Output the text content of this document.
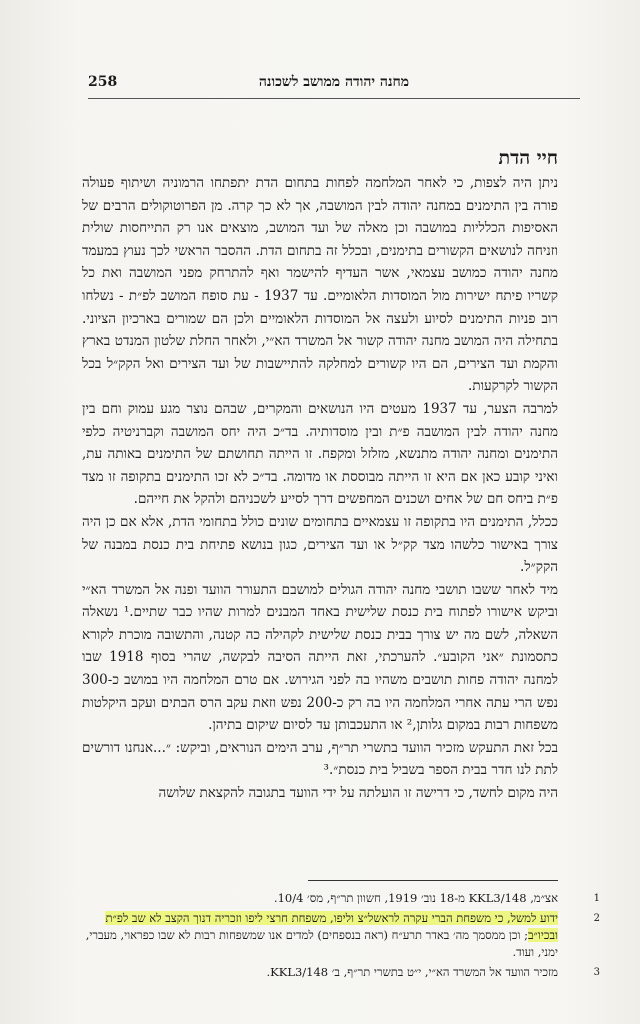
מחנה יהודה ממושב לשכונה
258
חיי הדת

ניתן היה לצפות, כי לאחר המלחמה לפחות בתחום הדת יתפתחו הרמוניה ושיתוף פעולה פורה בין התימנים במחנה יהודה לבין המושבה, אך לא כך קרה. מן הפרוטוקולים הרבים של האסיפות הכלליות במושבה וכן מאלה של ועד המושב, מוצאים אנו רק התייחסות שולית וזניחה לנושאים הקשורים בתימנים, ובכלל זה בתחום הדת. ההסבר הראשי לכך נעוץ במעמד מחנה יהודה כמושב עצמאי, אשר העדיף להישמר ואף להתרחק מפני המושבה ואת כל קשריו פיתח ישירות מול המוסדות הלאומיים. עד 1937 - עת סופח המושב לפ״ת - נשלחו רוב פניות התימנים לסיוע ולעצה אל המוסדות הלאומיים ולכן הם שמורים בארכיון הציוני. בתחילה היה המושב מחנה יהודה קשור אל המשרד הא״י, ולאחר החלת שלטון המנדט בארץ והקמת ועד הצירים, הם היו קשורים למחלקה להתיישבות של ועד הצירים ואל הקק״ל בכל הקשור לקרקעות.

למרבה הצער, עד 1937 מעטים היו הנושאים והמקרים, שבהם נוצר מגע עמוק וחם בין מחנה יהודה לבין המושבה פ״ת ובין מוסדותיה. בד״כ היה יחס המושבה וקברניטיה כלפי התימנים ומחנה יהודה מתנשא, מזלזל ומקפח. זו הייתה תחושתם של התימנים באותה עת, ואיני קובע כאן אם היא זו הייתה מבוססת או מדומה. בד״כ לא זכו התימנים בתקופה זו מצד פ״ת ביחס חם של אחים ושכנים המחפשים דרך לסייע לשכניהם ולהקל את חייהם.

ככלל, התימנים היו בתקופה זו עצמאיים בתחומים שונים כולל בתחומי הדת, אלא אם כן היה צורך באישור כלשהו מצד קק״ל או ועד הצירים, כגון בנושא פתיחת בית כנסת במבנה של הקק״ל.

מיד לאחר ששבו תושבי מחנה יהודה הגולים למושבם התעורר הוועד ופנה אל המשרד הא״י וביקש אישורו לפתוח בית כנסת שלישית באחד המבנים למרות שהיו כבר שתיים.¹ נשאלה השאלה, לשם מה יש צורך בבית כנסת שלישית לקהילה כה קטנה, והתשובה מוכרת לקורא כתסמונת ״אני הקובע״. להערכתי, זאת הייתה הסיבה לבקשה, שהרי בסוף 1918 שבו למחנה יהודה פחות תושבים משהיו בה לפני הגירוש. אם טרם המלחמה היו במושב כ-300 נפש הרי עתה אחרי המלחמה היו בה רק כ-200 נפש וזאת עקב הרס הבתים ועקב היקלטות משפחות רבות במקום גלותן,² או התעכבותן עד לסיום שיקום בתיהן.

בכל זאת התעקש מזכיר הוועד בתשרי תר״ף, ערב הימים הנוראים, וביקש: ״...אנחנו דורשים לתת לנו חדר בבית הספר בשביל בית כנסת״.³

היה מקום לחשד, כי דרישה זו הועלתה על ידי הוועד בתגובה להקצאת שלושה

1
אצ״מ, KKL3/148 מ-18 נוב׳ 1919, חשוון תר״ף, מס׳ 10/4.
2
ידוע למשל, כי משפחת הברי עקרה לראשל״צ וליפו, משפחת חרצי ליפו וזכריה דנוך הקצב לא שב לפ״ת ובכיו״ב; וכן ממסמך מה׳ באדר תרע״ח (ראה בנספחים) למדים אנו שמשפחות רבות לא שבו כפראוי, מעברי, ימני, ועוד.
3
מזכיר הוועד אל המשרד הא״י, י״ט בתשרי תר״ף, ב׳ KKL3/148.
